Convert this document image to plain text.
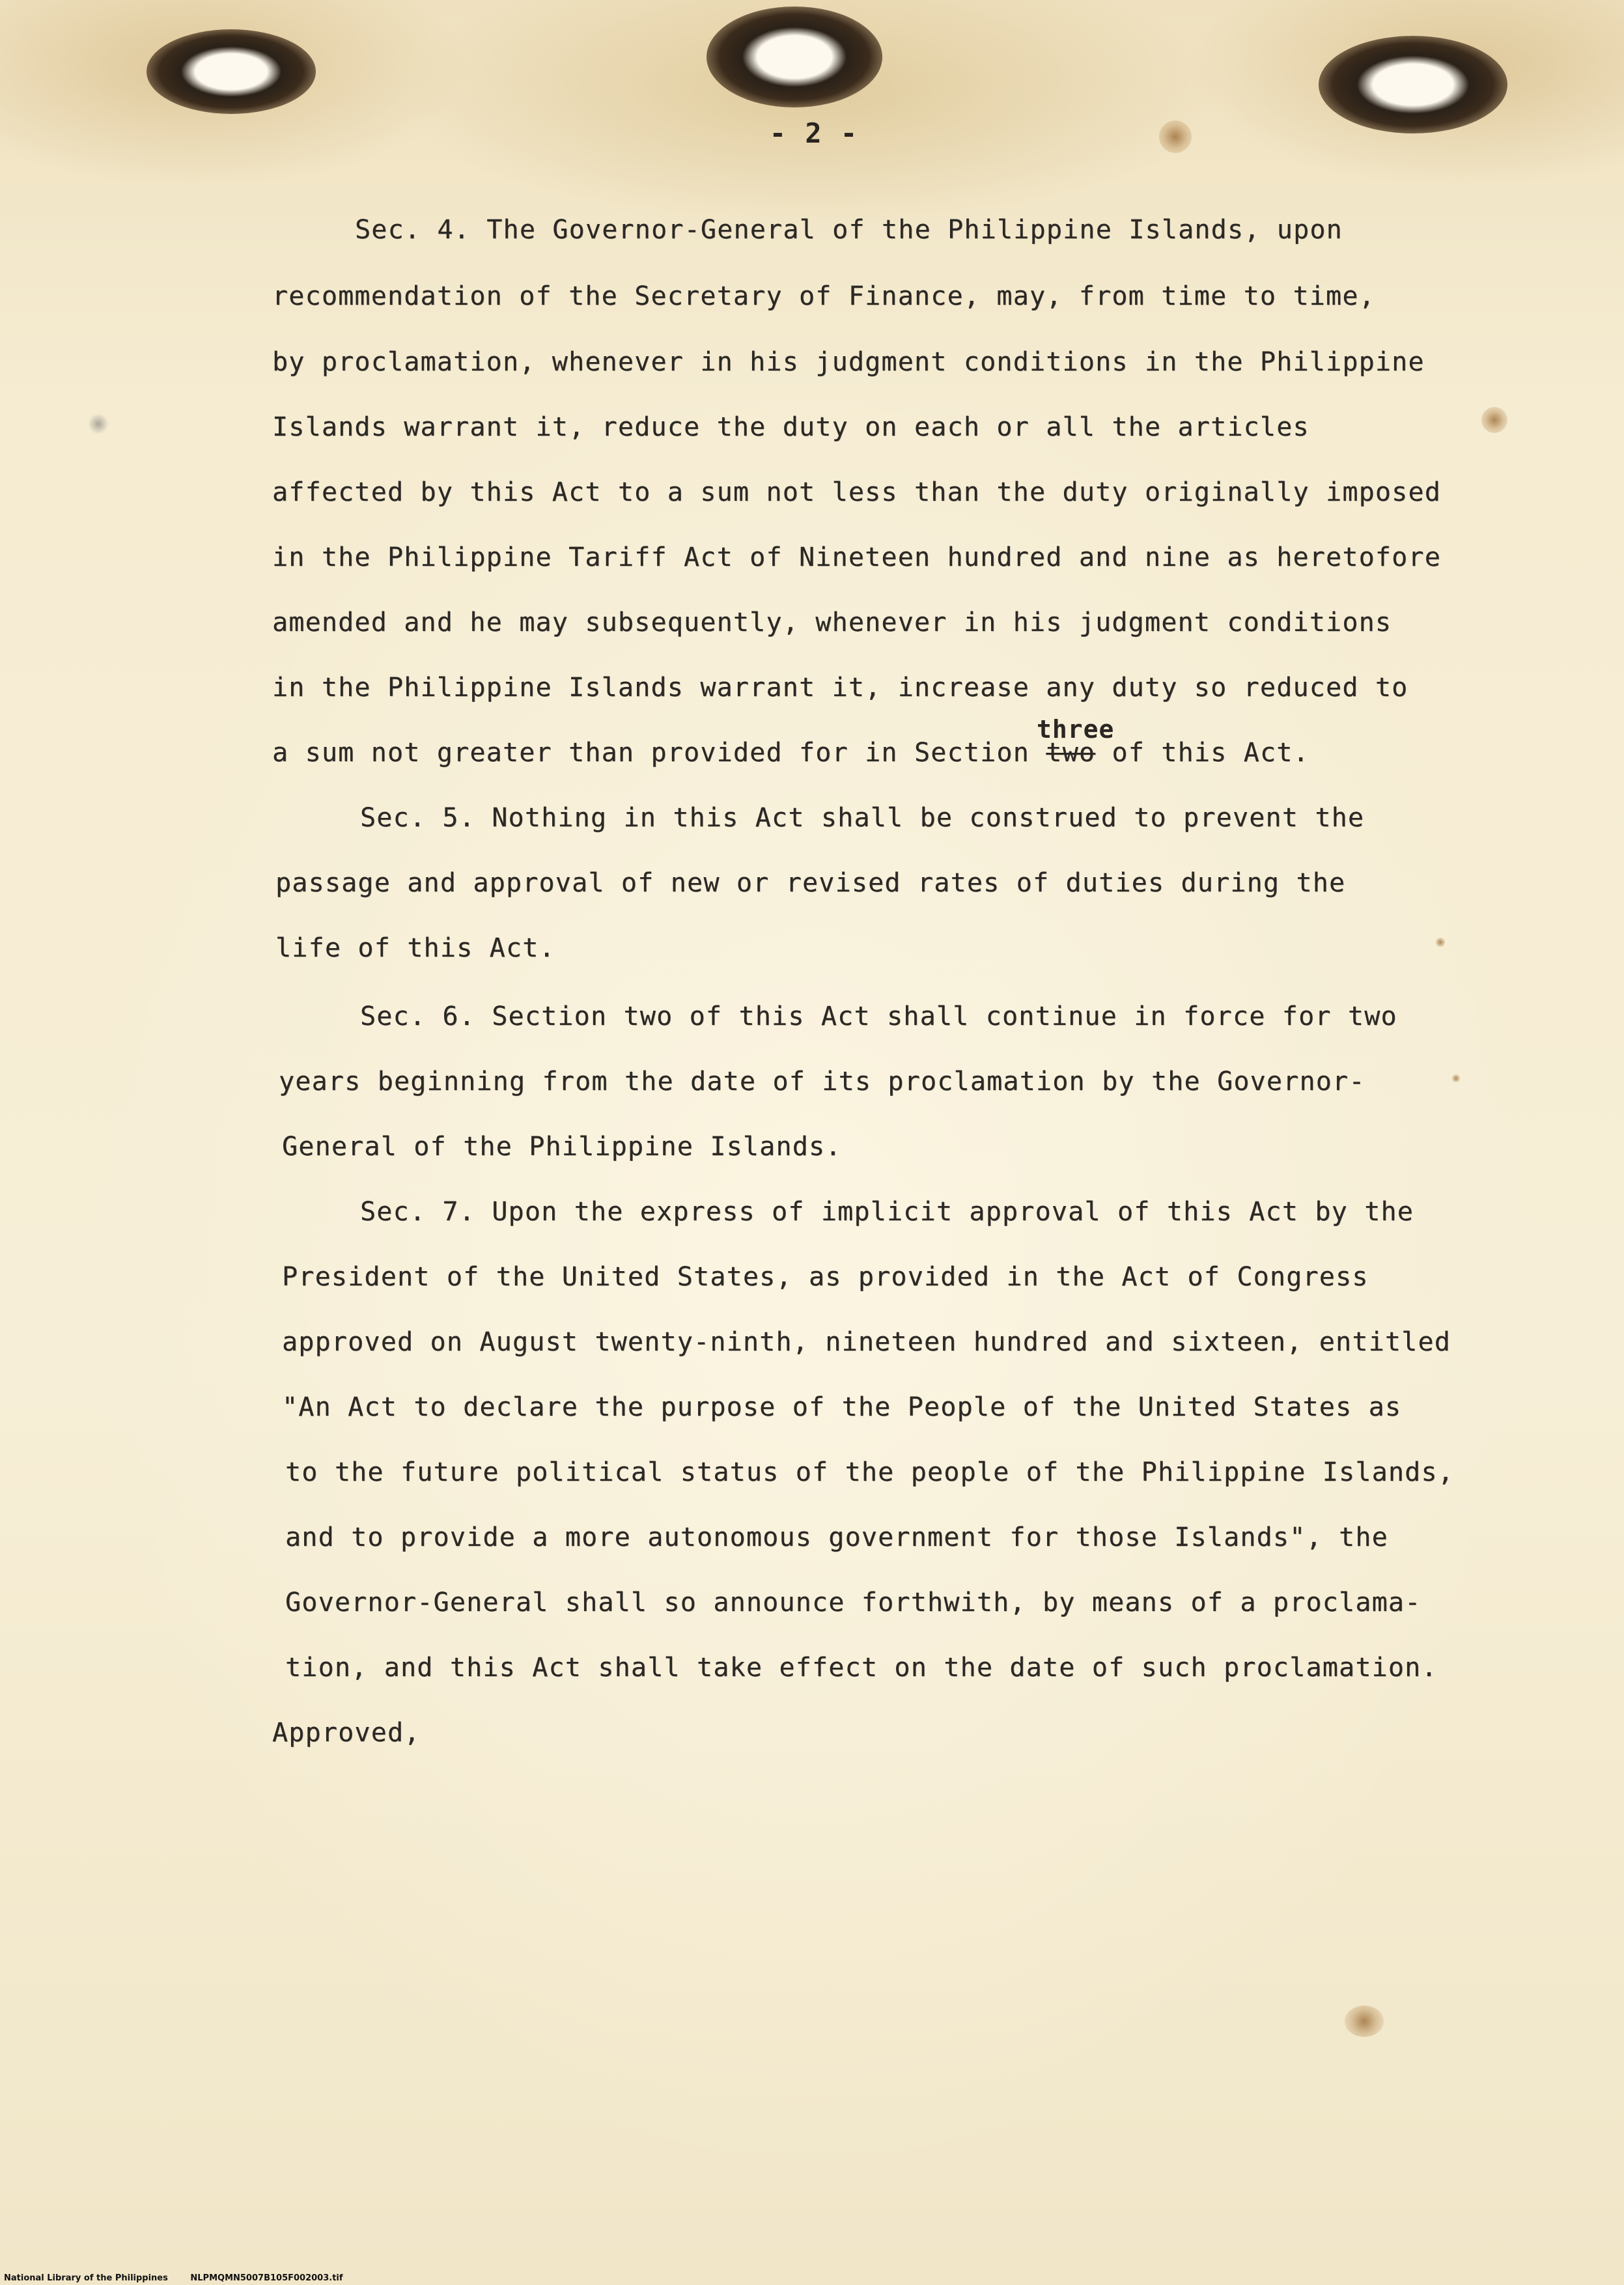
- 2 -
Sec. 4. The Governor-General of the Philippine Islands, upon
recommendation of the Secretary of Finance, may, from time to time,
by proclamation, whenever in his judgment conditions in the Philippine
Islands warrant it, reduce the duty on each or all the articles
affected by this Act to a sum not less than the duty originally imposed
in the Philippine Tariff Act of Nineteen hundred and nine as heretofore
amended and he may subsequently, whenever in his judgment conditions
in the Philippine Islands warrant it, increase any duty so reduced to
a sum not greater than provided for in Section two of this Act.
three
Sec. 5. Nothing in this Act shall be construed to prevent the
passage and approval of new or revised rates of duties during the
life of this Act.
Sec. 6. Section two of this Act shall continue in force for two
years beginning from the date of its proclamation by the Governor-
General of the Philippine Islands.
Sec. 7. Upon the express of implicit approval of this Act by the
President of the United States, as provided in the Act of Congress
approved on August twenty-ninth, nineteen hundred and sixteen, entitled
"An Act to declare the purpose of the People of the United States as
to the future political status of the people of the Philippine Islands,
and to provide a more autonomous government for those Islands", the
Governor-General shall so announce forthwith, by means of a proclama-
tion, and this Act shall take effect on the date of such proclamation.
Approved,
National Library of the Philippines	NLPMQMN5007B105F002003.tif
